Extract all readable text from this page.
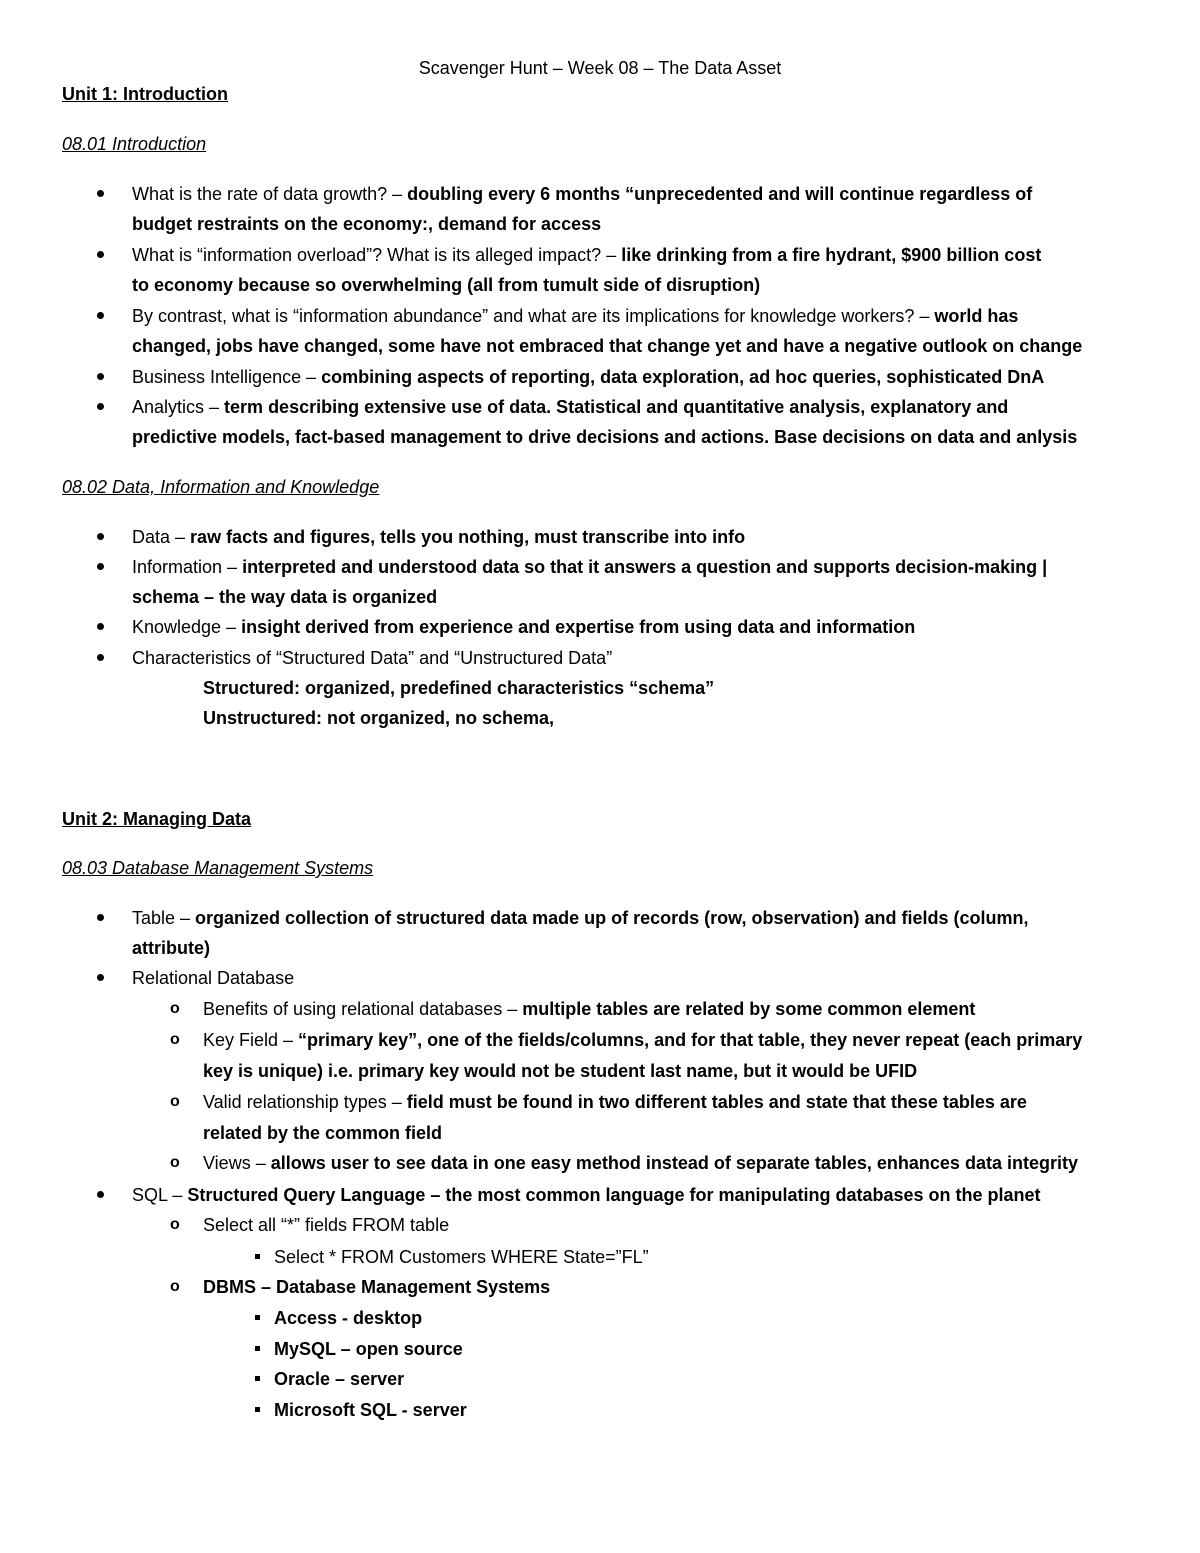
Scavenger Hunt – Week 08 – The Data Asset
Unit 1: Introduction
08.01 Introduction
What is the rate of data growth? – doubling every 6 months “unprecedented and will continue regardless of
budget restraints on the economy:, demand for access
What is “information overload”? What is its alleged impact? – like drinking from a fire hydrant, $900 billion cost
to economy because so overwhelming (all from tumult side of disruption)
By contrast, what is “information abundance” and what are its implications for knowledge workers? – world has
changed, jobs have changed, some have not embraced that change yet and have a negative outlook on change
Business Intelligence – combining aspects of reporting, data exploration, ad hoc queries, sophisticated DnA
Analytics – term describing extensive use of data. Statistical and quantitative analysis, explanatory and
predictive models, fact-based management to drive decisions and actions. Base decisions on data and anlysis
08.02 Data, Information and Knowledge
Data – raw facts and figures, tells you nothing, must transcribe into info
Information – interpreted and understood data so that it answers a question and supports decision-making |
schema – the way data is organized
Knowledge – insight derived from experience and expertise from using data and information
Characteristics of “Structured Data” and “Unstructured Data”
Structured: organized, predefined characteristics “schema”
Unstructured: not organized, no schema,
Unit 2: Managing Data
08.03 Database Management Systems
Table – organized collection of structured data made up of records (row, observation) and fields (column,
attribute)
Relational Database
o Benefits of using relational databases – multiple tables are related by some common element
o Key Field – “primary key”, one of the fields/columns, and for that table, they never repeat (each primary
key is unique) i.e. primary key would not be student last name, but it would be UFID
o Valid relationship types – field must be found in two different tables and state that these tables are
related by the common field
o Views – allows user to see data in one easy method instead of separate tables, enhances data integrity
SQL – Structured Query Language – the most common language for manipulating databases on the planet
o Select all “*” fields FROM table
Select * FROM Customers WHERE State=”FL”
o DBMS – Database Management Systems
Access - desktop
MySQL – open source
Oracle – server
Microsoft SQL - server
